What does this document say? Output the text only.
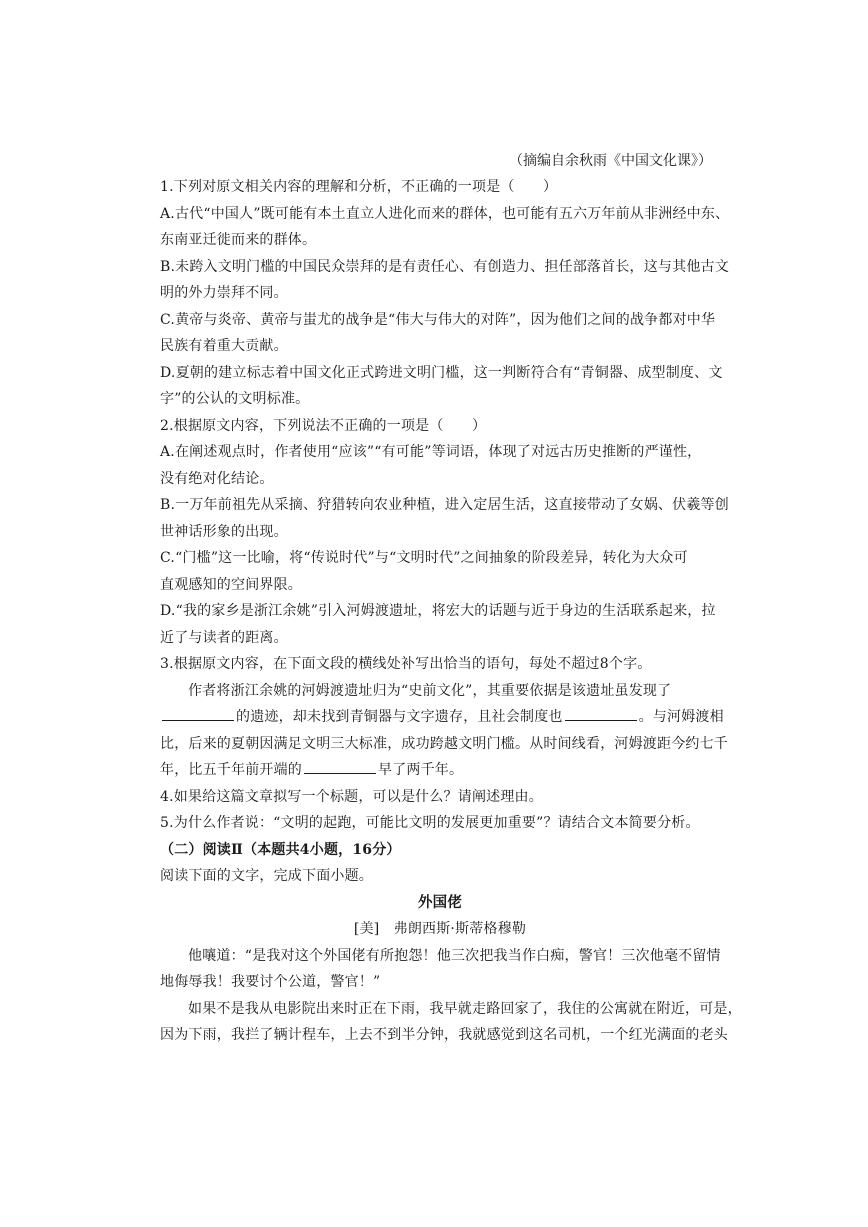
（摘编自余秋雨《中国文化课》）
1.下列对原文相关内容的理解和分析，不正确的一项是（　　）
A.古代“中国人”既可能有本土直立人进化而来的群体，也可能有五六万年前从非洲经中东、
东南亚迁徙而来的群体。
B.未跨入文明门槛的中国民众崇拜的是有责任心、有创造力、担任部落首长，这与其他古文
明的外力崇拜不同。
C.黄帝与炎帝、黄帝与蚩尤的战争是“伟大与伟大的对阵”，因为他们之间的战争都对中华
民族有着重大贡献。
D.夏朝的建立标志着中国文化正式跨进文明门槛，这一判断符合有“青铜器、成型制度、文
字”的公认的文明标准。
2.根据原文内容，下列说法不正确的一项是（　　）
A.在阐述观点时，作者使用“应该”“有可能”等词语，体现了对远古历史推断的严谨性，
没有绝对化结论。
B.一万年前祖先从采摘、狩猎转向农业种植，进入定居生活，这直接带动了女娲、伏羲等创
世神话形象的出现。
C.“门槛”这一比喻，将“传说时代”与“文明时代”之间抽象的阶段差异，转化为大众可
直观感知的空间界限。
D.“我的家乡是浙江余姚”引入河姆渡遗址，将宏大的话题与近于身边的生活联系起来，拉
近了与读者的距离。
3.根据原文内容，在下面文段的横线处补写出恰当的语句，每处不超过8个字。
作者将浙江余姚的河姆渡遗址归为“史前文化”，其重要依据是该遗址虽发现了
的遗迹，却未找到青铜器与文字遗存，且社会制度也	。与河姆渡相
比，后来的夏朝因满足文明三大标准，成功跨越文明门槛。从时间线看，河姆渡距今约七千
年，比五千年前开端的	早了两千年。
4.如果给这篇文章拟写一个标题，可以是什么？请阐述理由。
5.为什么作者说：“文明的起跑，可能比文明的发展更加重要”？请结合文本简要分析。
（二）阅读Ⅱ（本题共4小题，16分）
阅读下面的文字，完成下面小题。
外国佬
[美]　弗朗西斯·斯蒂格穆勒
他嚷道：“是我对这个外国佬有所抱怨！他三次把我当作白痴，警官！三次他毫不留情
地侮辱我！我要讨个公道，警官！”
如果不是我从电影院出来时正在下雨，我早就走路回家了，我住的公寓就在附近，可是，
因为下雨，我拦了辆计程车，上去不到半分钟，我就感觉到这名司机，一个红光满面的老头
